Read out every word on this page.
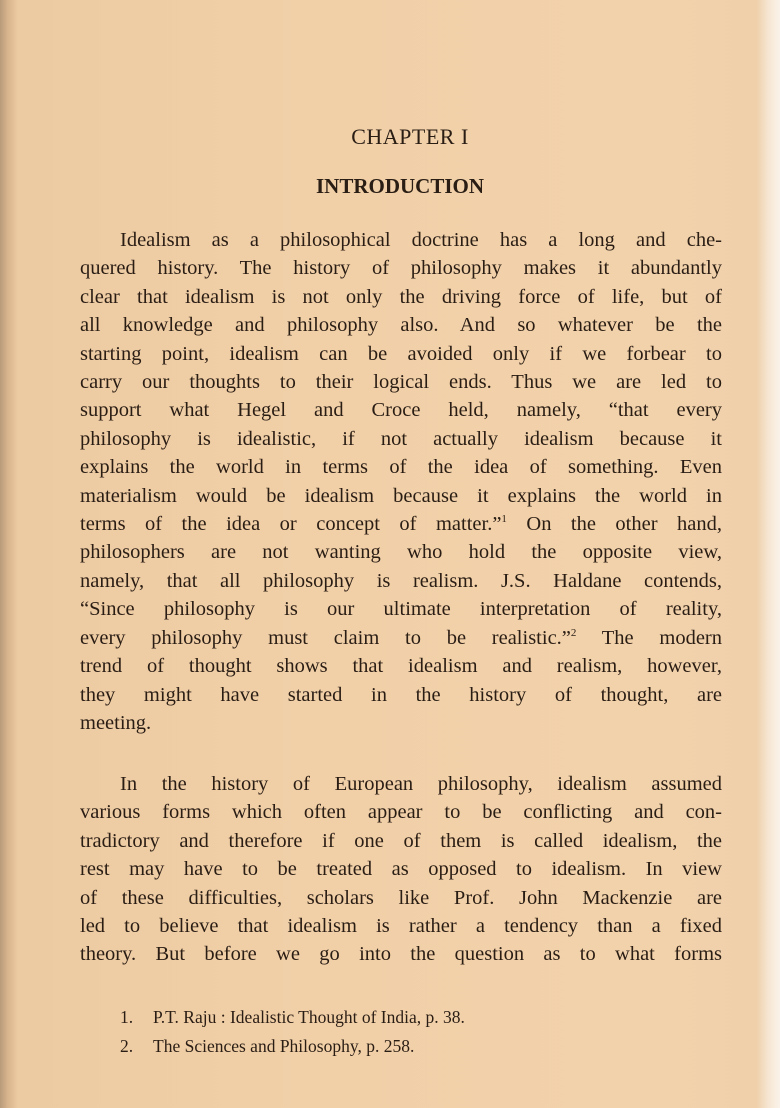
CHAPTER I
INTRODUCTION
Idealism as a philosophical doctrine has a long and che-
quered history. The history of philosophy makes it abundantly
clear that idealism is not only the driving force of life, but of
all knowledge and philosophy also. And so whatever be the
starting point, idealism can be avoided only if we forbear to
carry our thoughts to their logical ends. Thus we are led to
support what Hegel and Croce held, namely, “that every
philosophy is idealistic, if not actually idealism because it
explains the world in terms of the idea of something. Even
materialism would be idealism because it explains the world in
terms of the idea or concept of matter.”$^1$ On the other hand,
philosophers are not wanting who hold the opposite view,
namely, that all philosophy is realism. J.S. Haldane contends,
“Since philosophy is our ultimate interpretation of reality,
every philosophy must claim to be realistic.”$^2$ The modern
trend of thought shows that idealism and realism, however,
they might have started in the history of thought, are
meeting.
In the history of European philosophy, idealism assumed
various forms which often appear to be conflicting and con-
tradictory and therefore if one of them is called idealism, the
rest may have to be treated as opposed to idealism. In view
of these difficulties, scholars like Prof. John Mackenzie are
led to believe that idealism is rather a tendency than a fixed
theory. But before we go into the question as to what forms
1. P.T. Raju : Idealistic Thought of India, p. 38.
2. The Sciences and Philosophy, p. 258.
